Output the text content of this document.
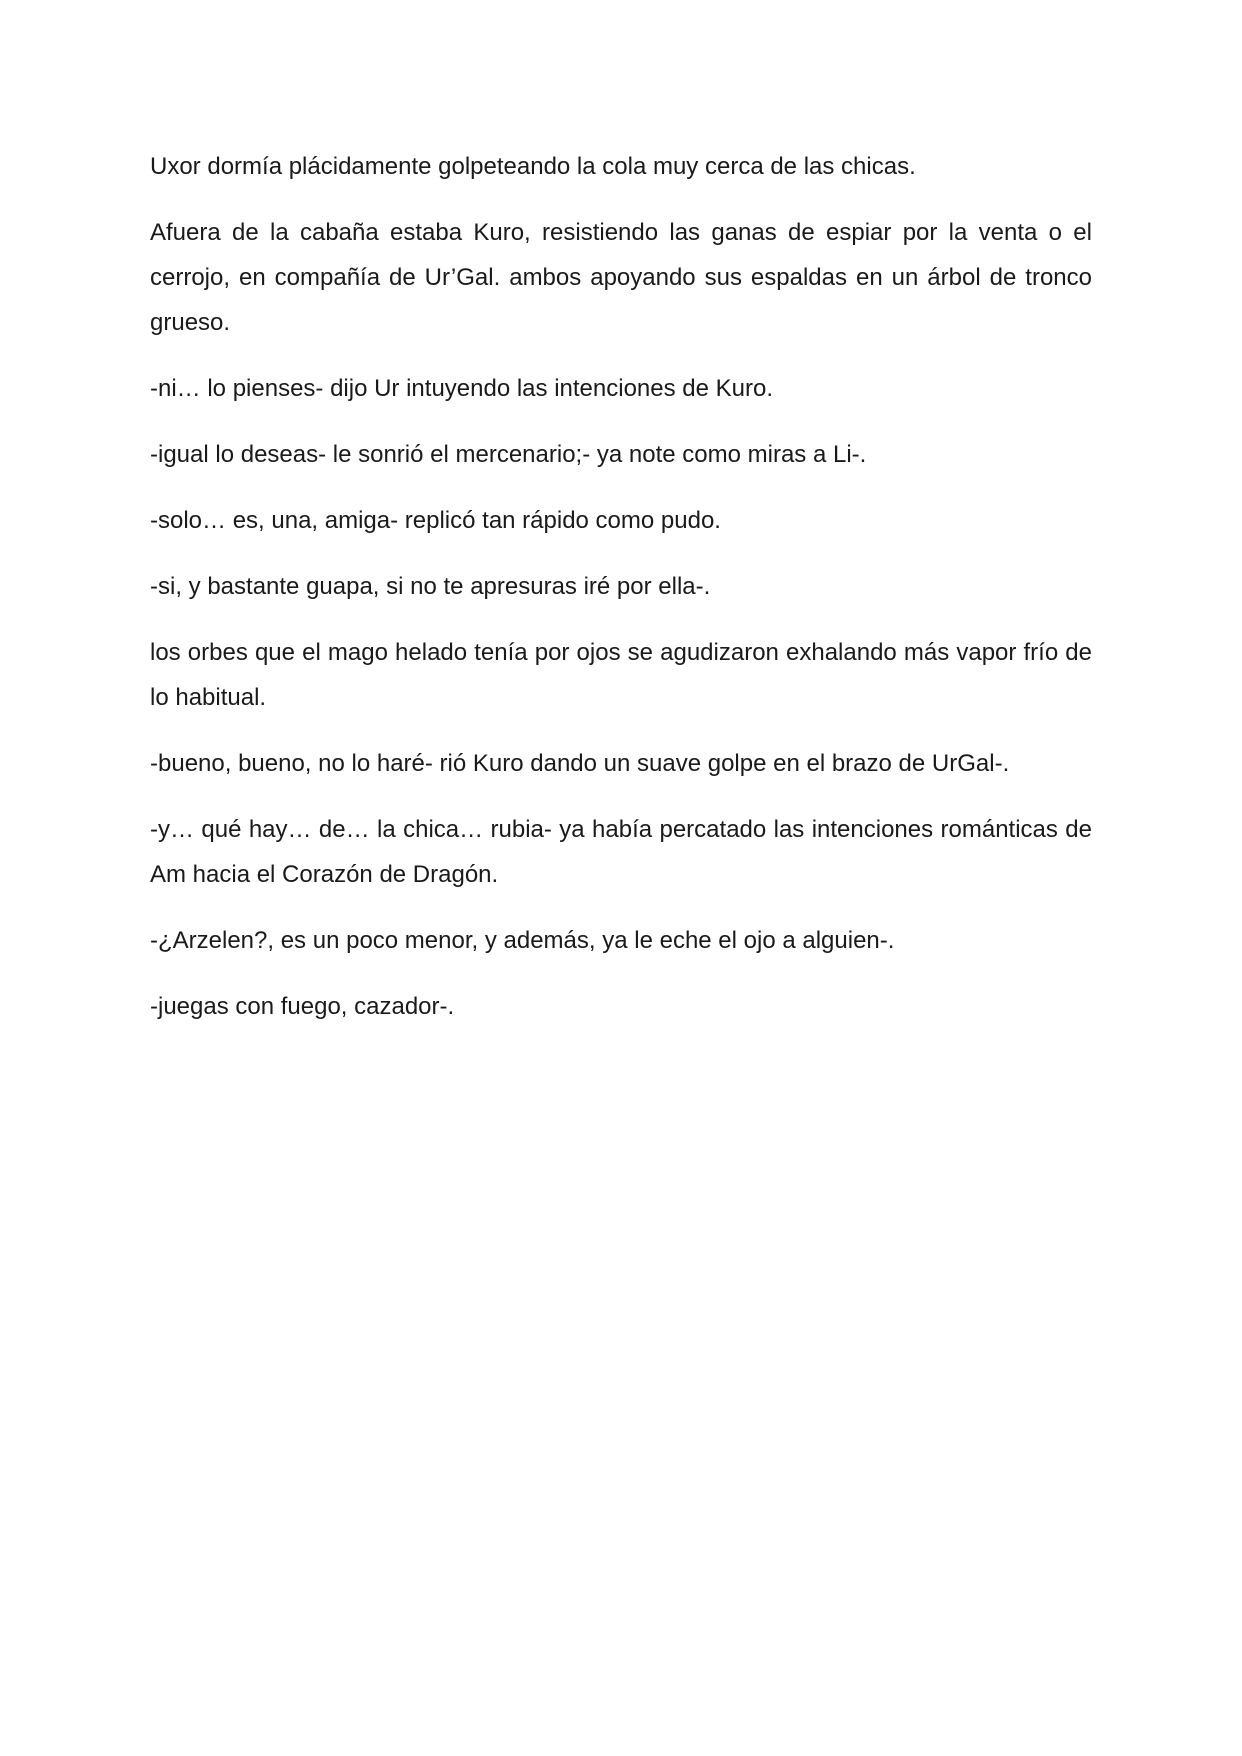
Uxor dormía plácidamente golpeteando la cola muy cerca de las chicas.

Afuera de la cabaña estaba Kuro, resistiendo las ganas de espiar por la venta o el cerrojo, en compañía de Ur’Gal. ambos apoyando sus espaldas en un árbol de tronco grueso.

-ni… lo pienses- dijo Ur intuyendo las intenciones de Kuro.

-igual lo deseas- le sonrió el mercenario;- ya note como miras a Li-.

-solo… es, una, amiga- replicó tan rápido como pudo.

-si, y bastante guapa, si no te apresuras iré por ella-.

los orbes que el mago helado tenía por ojos se agudizaron exhalando más vapor frío de lo habitual.

-bueno, bueno, no lo haré- rió Kuro dando un suave golpe en el brazo de UrGal-.

-y… qué hay… de… la chica… rubia- ya había percatado las intenciones románticas de Am hacia el Corazón de Dragón.

-¿Arzelen?, es un poco menor, y además, ya le eche el ojo a alguien-.

-juegas con fuego, cazador-.
